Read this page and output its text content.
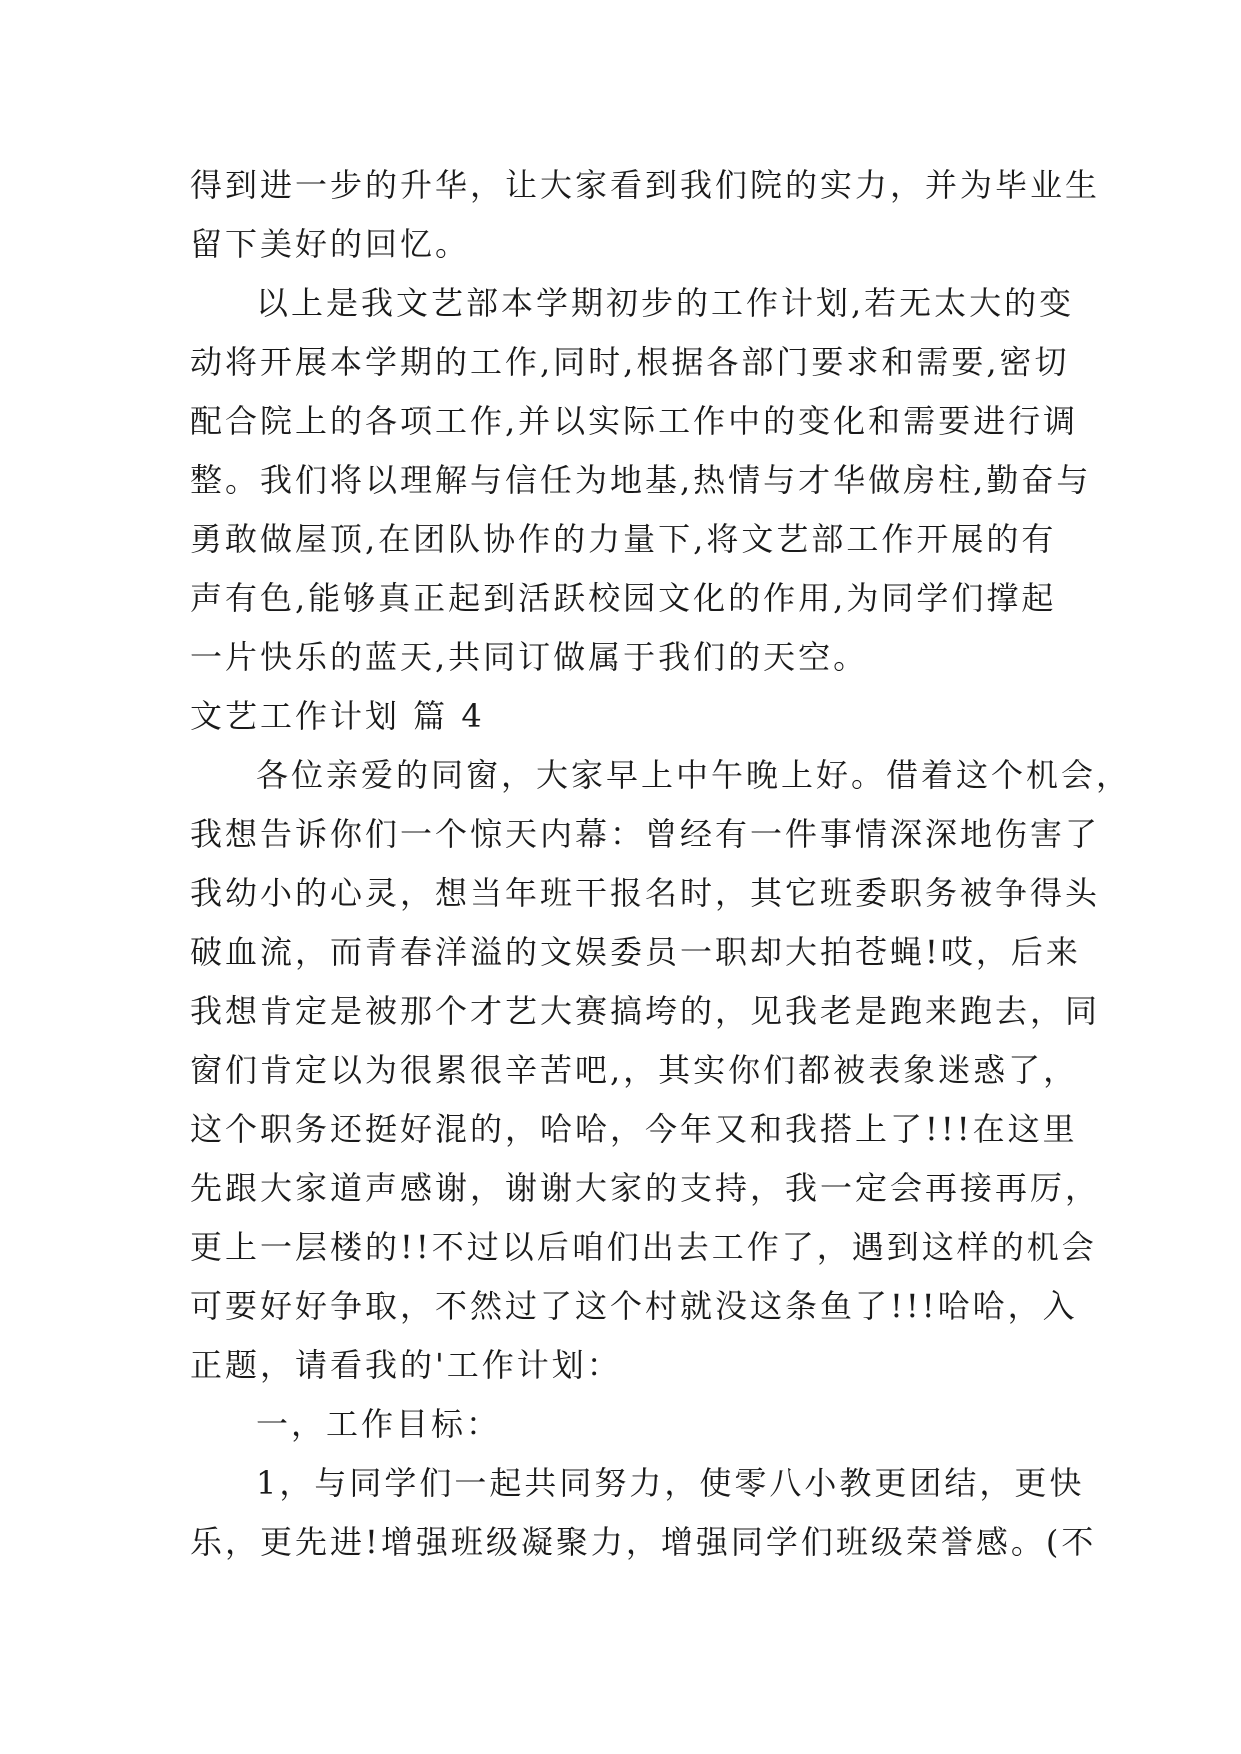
得到进一步的升华，让大家看到我们院的实力，并为毕业生
留下美好的回忆。
以上是我文艺部本学期初步的工作计划,若无太大的变
动将开展本学期的工作,同时,根据各部门要求和需要,密切
配合院上的各项工作,并以实际工作中的变化和需要进行调
整。我们将以理解与信任为地基,热情与才华做房柱,勤奋与
勇敢做屋顶,在团队协作的力量下,将文艺部工作开展的有
声有色,能够真正起到活跃校园文化的作用,为同学们撑起
一片快乐的蓝天,共同订做属于我们的天空。
文艺工作计划 篇 4
各位亲爱的同窗，大家早上中午晚上好。借着这个机会，
我想告诉你们一个惊天内幕：曾经有一件事情深深地伤害了
我幼小的心灵，想当年班干报名时，其它班委职务被争得头
破血流，而青春洋溢的文娱委员一职却大拍苍蝇!哎，后来
我想肯定是被那个才艺大赛搞垮的，见我老是跑来跑去，同
窗们肯定以为很累很辛苦吧,，其实你们都被表象迷惑了，
这个职务还挺好混的，哈哈，今年又和我搭上了!!!在这里
先跟大家道声感谢，谢谢大家的支持，我一定会再接再厉，
更上一层楼的!!不过以后咱们出去工作了，遇到这样的机会
可要好好争取，不然过了这个村就没这条鱼了!!!哈哈，入
正题，请看我的'工作计划：
一，工作目标：
1，与同学们一起共同努力，使零八小教更团结，更快
乐，更先进!增强班级凝聚力，增强同学们班级荣誉感。(不
